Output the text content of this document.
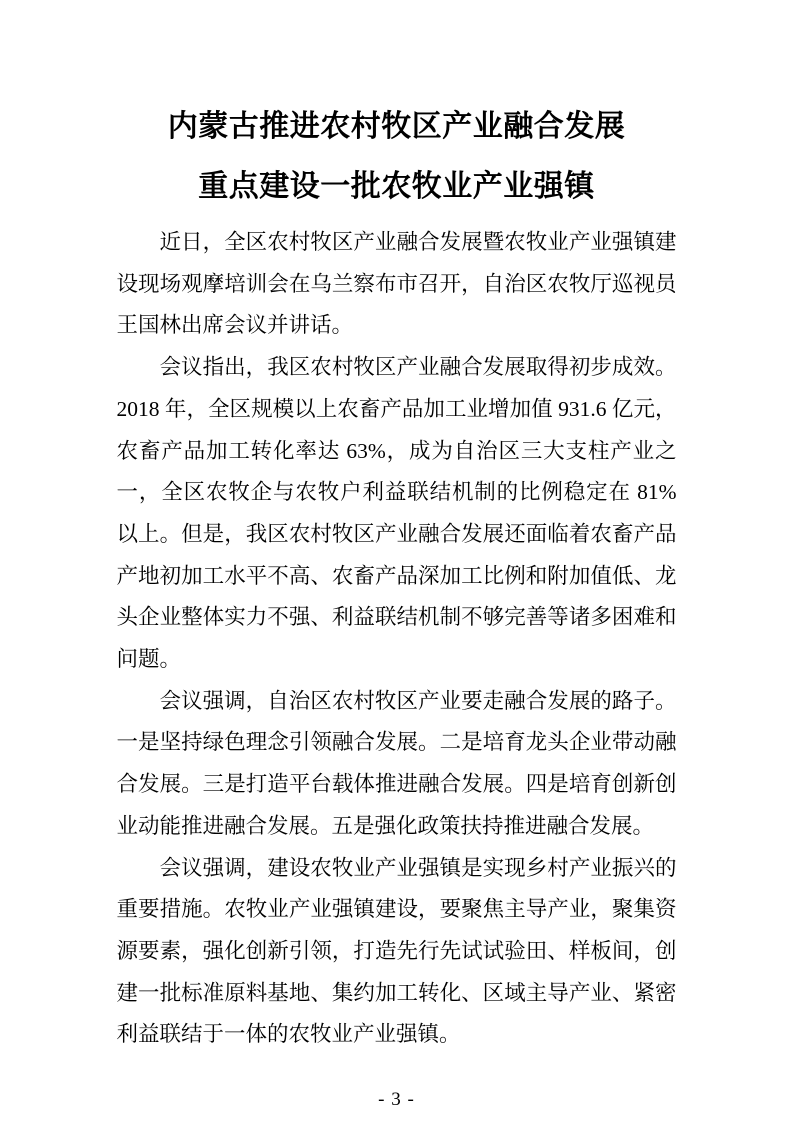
内蒙古推进农村牧区产业融合发展
重点建设一批农牧业产业强镇

近日，全区农村牧区产业融合发展暨农牧业产业强镇建设现场观摩培训会在乌兰察布市召开，自治区农牧厅巡视员王国林出席会议并讲话。

会议指出，我区农村牧区产业融合发展取得初步成效。2018 年，全区规模以上农畜产品加工业增加值 931.6 亿元，农畜产品加工转化率达 63%，成为自治区三大支柱产业之一，全区农牧企与农牧户利益联结机制的比例稳定在 81%以上。但是，我区农村牧区产业融合发展还面临着农畜产品产地初加工水平不高、农畜产品深加工比例和附加值低、龙头企业整体实力不强、利益联结机制不够完善等诸多困难和问题。

会议强调，自治区农村牧区产业要走融合发展的路子。一是坚持绿色理念引领融合发展。二是培育龙头企业带动融合发展。三是打造平台载体推进融合发展。四是培育创新创业动能推进融合发展。五是强化政策扶持推进融合发展。

会议强调，建设农牧业产业强镇是实现乡村产业振兴的重要措施。农牧业产业强镇建设，要聚焦主导产业，聚集资源要素，强化创新引领，打造先行先试试验田、样板间，创建一批标准原料基地、集约加工转化、区域主导产业、紧密利益联结于一体的农牧业产业强镇。

- 3 -
